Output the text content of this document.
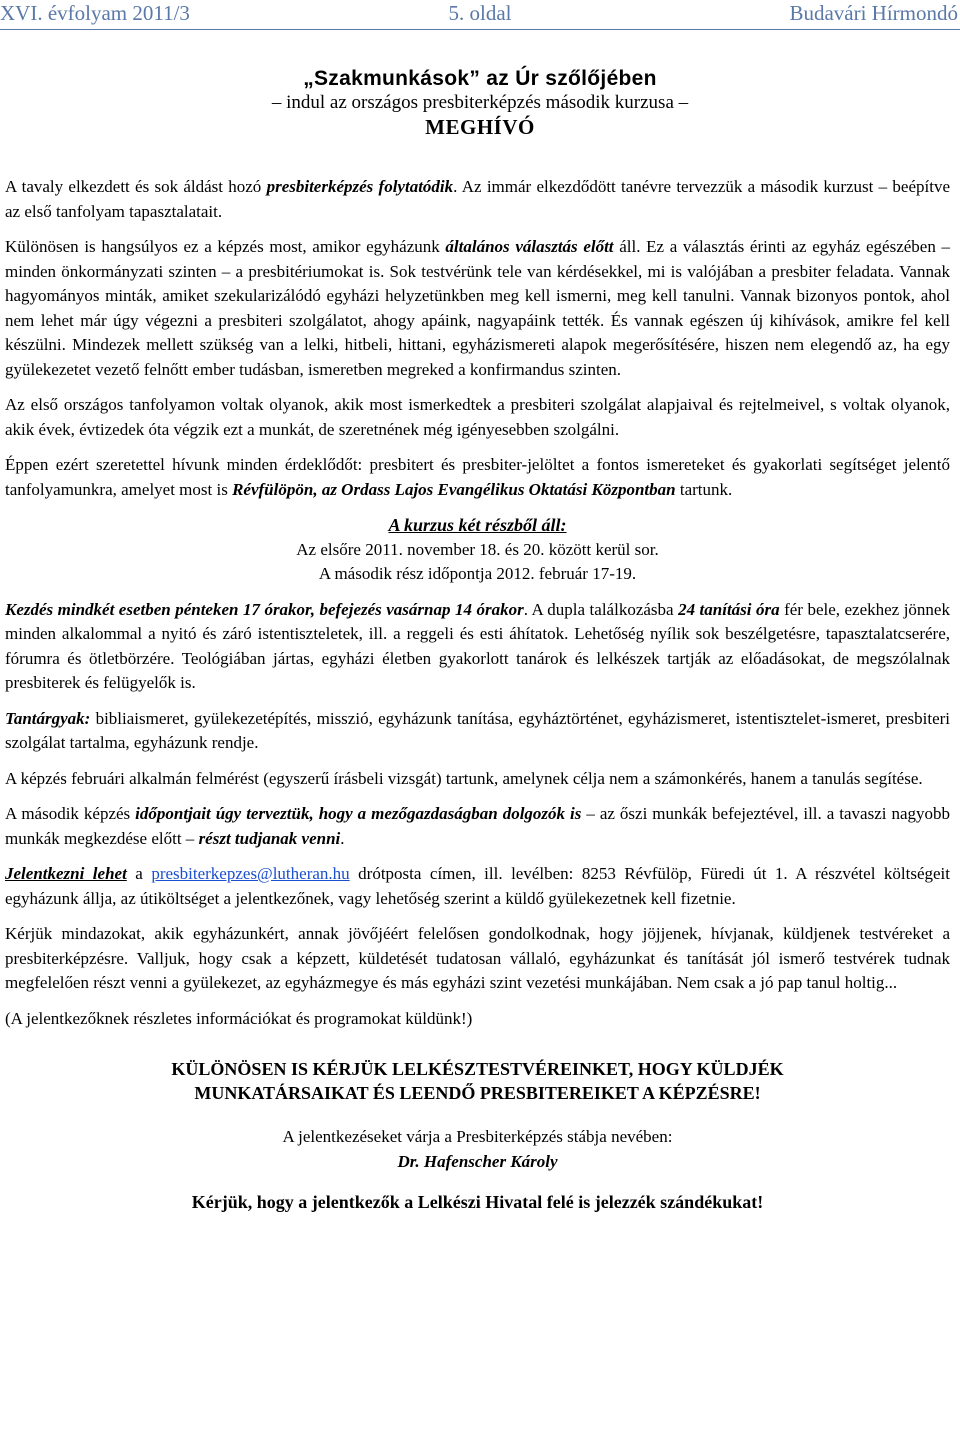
XVI. évfolyam 2011/3	5. oldal	Budavári Hírmondó
„Szakmunkások” az Úr szőlőjében
– indul az országos presbiterképzés második kurzusa –
MEGHÍVÓ

A tavaly elkezdett és sok áldást hozó presbiterképzés folytatódik. Az immár elkezdődött tanévre tervezzük a második kurzust – beépítve az első tanfolyam tapasztalatait.

Különösen is hangsúlyos ez a képzés most, amikor egyházunk általános választás előtt áll. Ez a választás érinti az egyház egészében – minden önkormányzati szinten – a presbitériumokat is. Sok testvérünk tele van kérdésekkel, mi is valójában a presbiter feladata. Vannak hagyományos minták, amiket szekularizálódó egyházi helyzetünkben meg kell ismerni, meg kell tanulni. Vannak bizonyos pontok, ahol nem lehet már úgy végezni a presbiteri szolgálatot, ahogy apáink, nagyapáink tették. És vannak egészen új kihívások, amikre fel kell készülni. Mindezek mellett szükség van a lelki, hitbeli, hittani, egyházismereti alapok megerősítésére, hiszen nem elegendő az, ha egy gyülekezetet vezető felnőtt ember tudásban, ismeretben megreked a konfirmandus szinten.

Az első országos tanfolyamon voltak olyanok, akik most ismerkedtek a presbiteri szolgálat alapjaival és rejtelmeivel, s voltak olyanok, akik évek, évtizedek óta végzik ezt a munkát, de szeretnének még igényesebben szolgálni.

Éppen ezért szeretettel hívunk minden érdeklődőt: presbitert és presbiter-jelöltet a fontos ismereteket és gyakorlati segítséget jelentő tanfolyamunkra, amelyet most is Révfülöpön, az Ordass Lajos Evangélikus Oktatási Központban tartunk.

A kurzus két részből áll:
Az elsőre 2011. november 18. és 20. között kerül sor.
A második rész időpontja 2012. február 17-19.

Kezdés mindkét esetben pénteken 17 órakor, befejezés vasárnap 14 órakor. A dupla találkozásba 24 tanítási óra fér bele, ezekhez jönnek minden alkalommal a nyitó és záró istentiszteletek, ill. a reggeli és esti áhítatok. Lehetőség nyílik sok beszélgetésre, tapasztalatcserére, fórumra és ötletbörzére. Teológiában jártas, egyházi életben gyakorlott tanárok és lelkészek tartják az előadásokat, de megszólalnak presbiterek és felügyelők is.

Tantárgyak: bibliaismeret, gyülekezetépítés, misszió, egyházunk tanítása, egyháztörténet, egyházismeret, istentisztelet-ismeret, presbiteri szolgálat tartalma, egyházunk rendje.

A képzés februári alkalmán felmérést (egyszerű írásbeli vizsgát) tartunk, amelynek célja nem a számonkérés, hanem a tanulás segítése.

A második képzés időpontjait úgy terveztük, hogy a mezőgazdaságban dolgozók is – az őszi munkák befejeztével, ill. a tavaszi nagyobb munkák megkezdése előtt – részt tudjanak venni.

Jelentkezni lehet a presbiterkepzes@lutheran.hu drótposta címen, ill. levélben: 8253 Révfülöp, Füredi út 1. A részvétel költségeit egyházunk állja, az útiköltséget a jelentkezőnek, vagy lehetőség szerint a küldő gyülekezetnek kell fizetnie.

Kérjük mindazokat, akik egyházunkért, annak jövőjéért felelősen gondolkodnak, hogy jöjjenek, hívjanak, küldjenek testvéreket a presbiterképzésre. Valljuk, hogy csak a képzett, küldetését tudatosan vállaló, egyházunkat és tanítását jól ismerő testvérek tudnak megfelelően részt venni a gyülekezet, az egyházmegye és más egyházi szint vezetési munkájában. Nem csak a jó pap tanul holtig...

(A jelentkezőknek részletes információkat és programokat küldünk!)

KÜLÖNÖSEN IS KÉRJÜK LELKÉSZTESTVÉREINKET, HOGY KÜLDJÉK
MUNKATÁRSAIKAT ÉS LEENDŐ PRESBITEREIKET A KÉPZÉSRE!
A jelentkezéseket várja a Presbiterképzés stábja nevében:
Dr. Hafenscher Károly
Kérjük, hogy a jelentkezők a Lelkészi Hivatal felé is jelezzék szándékukat!
